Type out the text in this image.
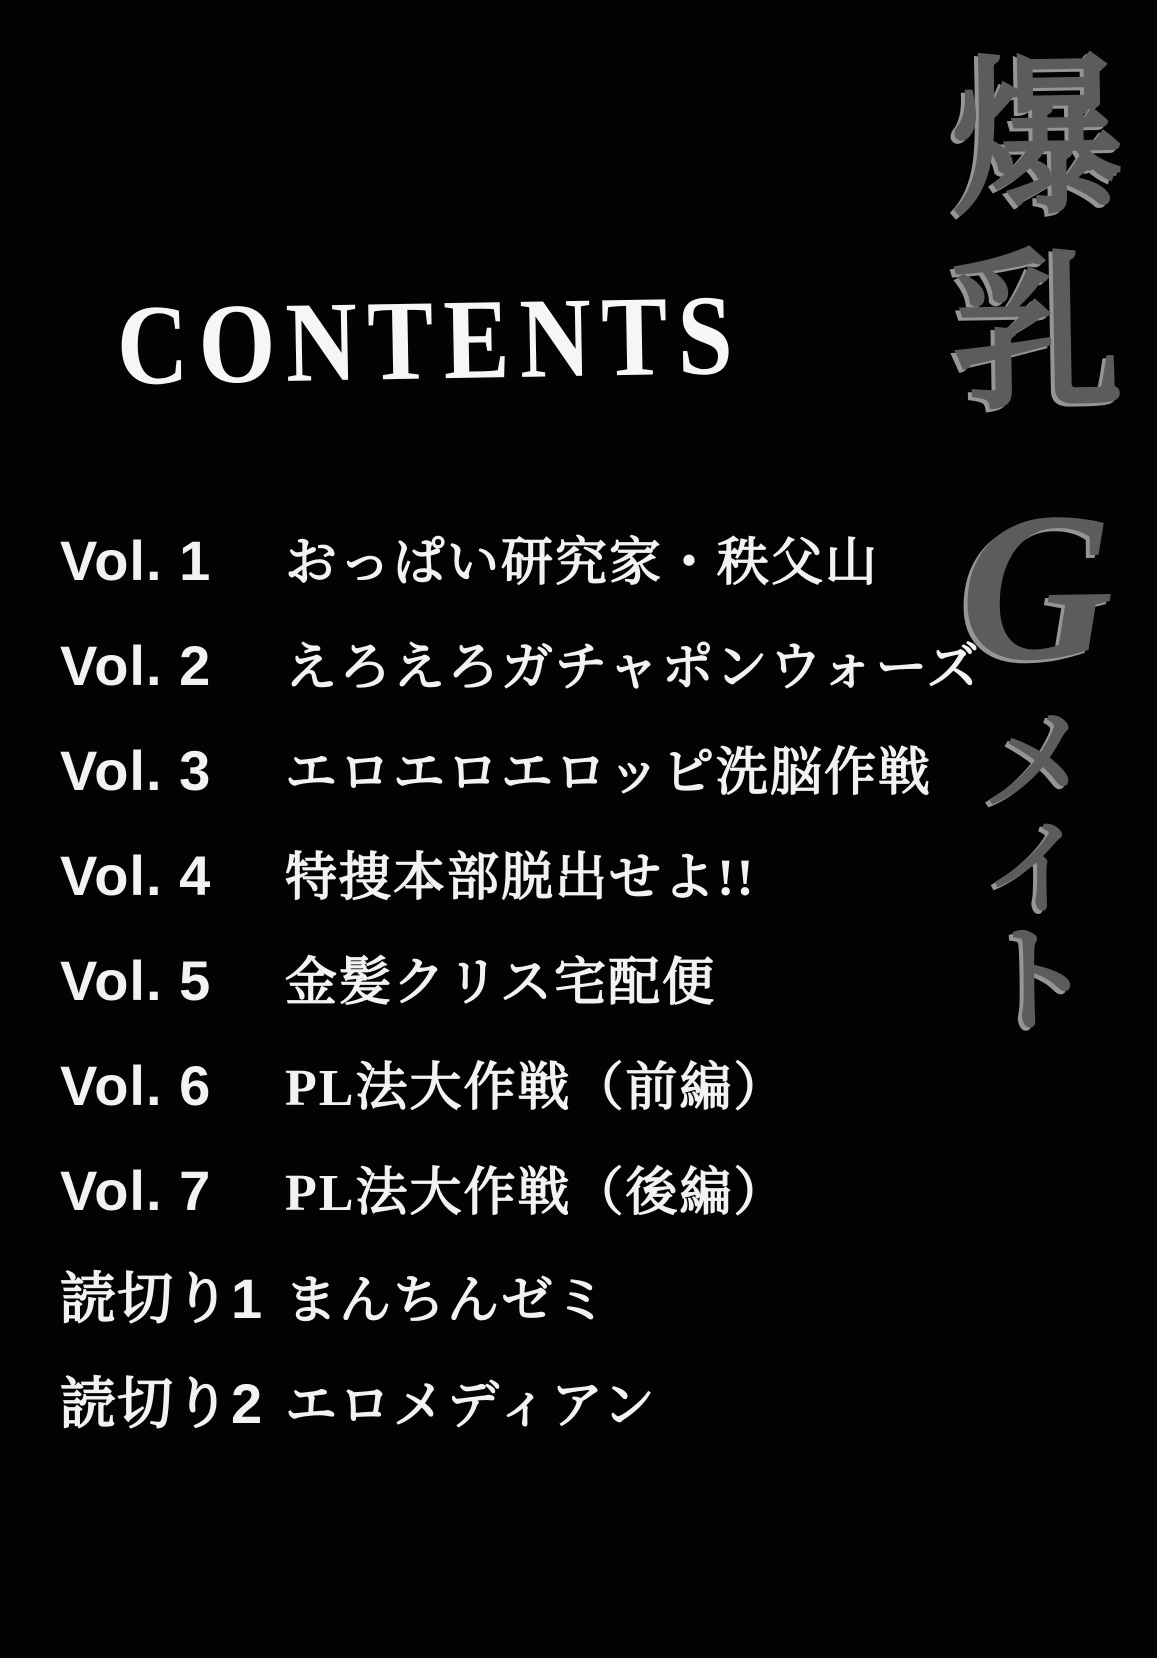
CONTENTS
Vol. 1	おっぱい研究家・秩父山
Vol. 2	えろえろガチャポンウォーズ
Vol. 3	エロエロエロッピ洗脳作戦
Vol. 4	特捜本部脱出せよ!!
Vol. 5	金髪クリス宅配便
Vol. 6	PL法大作戦（前編）
Vol. 7	PL法大作戦（後編）
読切り1 まんちんゼミ
読切り2 エロメディアン
爆
乳
G
メ
イ
ト
